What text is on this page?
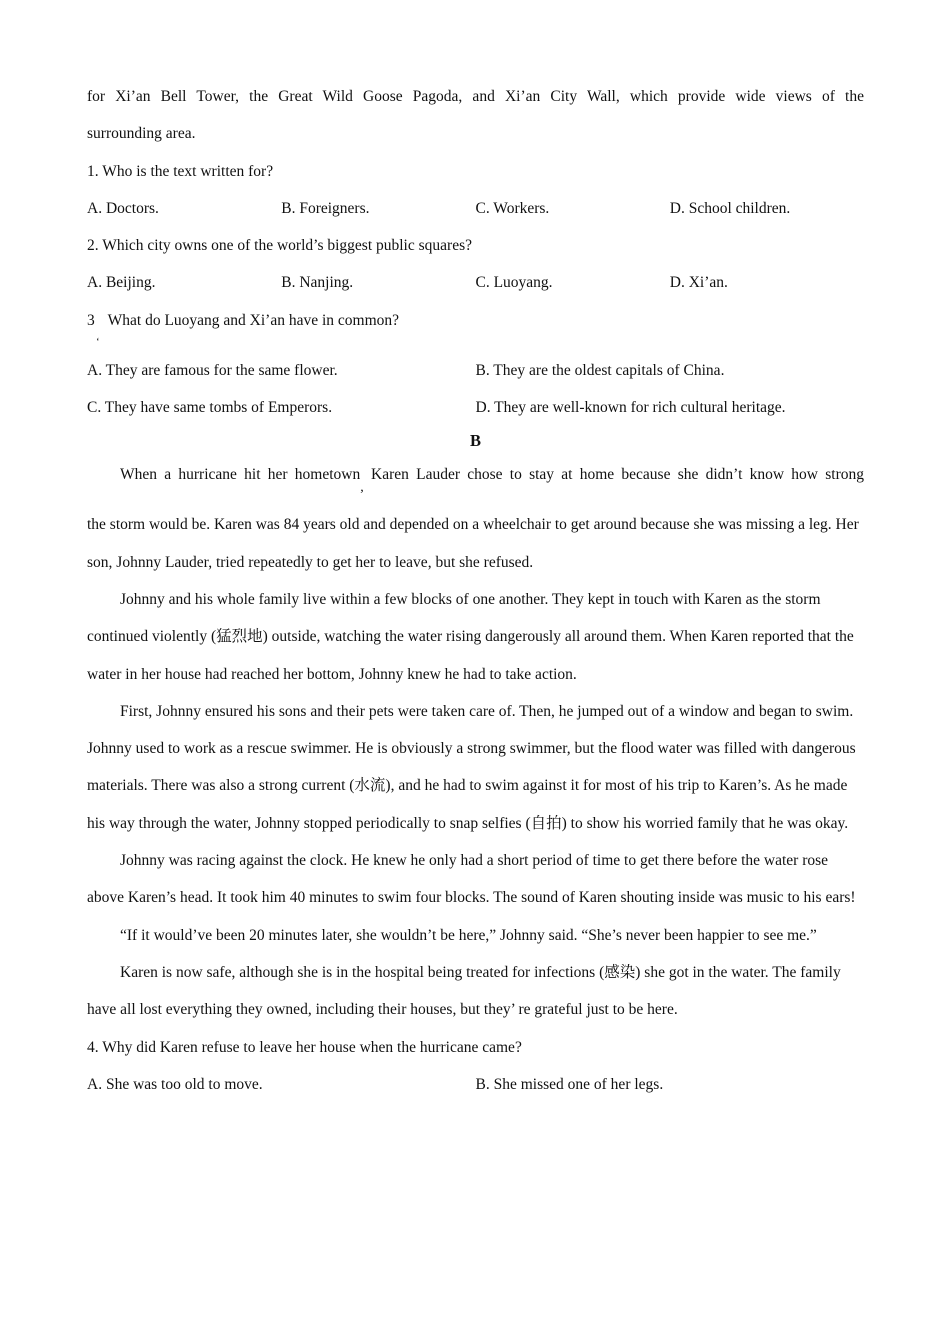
for Xi’an Bell Tower, the Great Wild Goose Pagoda, and Xi’an City Wall, which provide wide views of the

surrounding area.

1. Who is the text written for?

A. Doctors.	B. Foreigners.	C. Workers.	D. School children.

2. Which city owns one of the world’s biggest public squares?

A. Beijing.	B. Nanjing.	C. Luoyang.	D. Xi’an.
3
‘
What do Luoyang and Xi’an have in common?
A. They are famous for the same flower.	B. They are the oldest capitals of China.
C. They have same tombs of Emperors.	D. They are well-known for rich cultural heritage.

B

When a hurricane hit her hometown, Karen Lauder chose to stay at home because she didn’t know how strong

the storm would be. Karen was 84 years old and depended on a wheelchair to get around because she was missing a leg. Her son, Johnny Lauder, tried repeatedly to get her to leave, but she refused.

Johnny and his whole family live within a few blocks of one another. They kept in touch with Karen as the storm continued violently (猛烈地) outside, watching the water rising dangerously all around them. When Karen reported that the water in her house had reached her bottom, Johnny knew he had to take action.

First, Johnny ensured his sons and their pets were taken care of. Then, he jumped out of a window and began to swim. Johnny used to work as a rescue swimmer. He is obviously a strong swimmer, but the flood water was filled with dangerous materials. There was also a strong current (水流), and he had to swim against it for most of his trip to Karen’s. As he made his way through the water, Johnny stopped periodically to snap selfies (自拍) to show his worried family that he was okay.

Johnny was racing against the clock. He knew he only had a short period of time to get there before the water rose above Karen’s head. It took him 40 minutes to swim four blocks. The sound of Karen shouting inside was music to his ears!

“If it would’ve been 20 minutes later, she wouldn’t be here,” Johnny said. “She’s never been happier to see me.”

Karen is now safe, although she is in the hospital being treated for infections (感染) she got in the water. The family have all lost everything they owned, including their houses, but they’ re grateful just to be here.

4. Why did Karen refuse to leave her house when the hurricane came?

A. She was too old to move.	B. She missed one of her legs.
